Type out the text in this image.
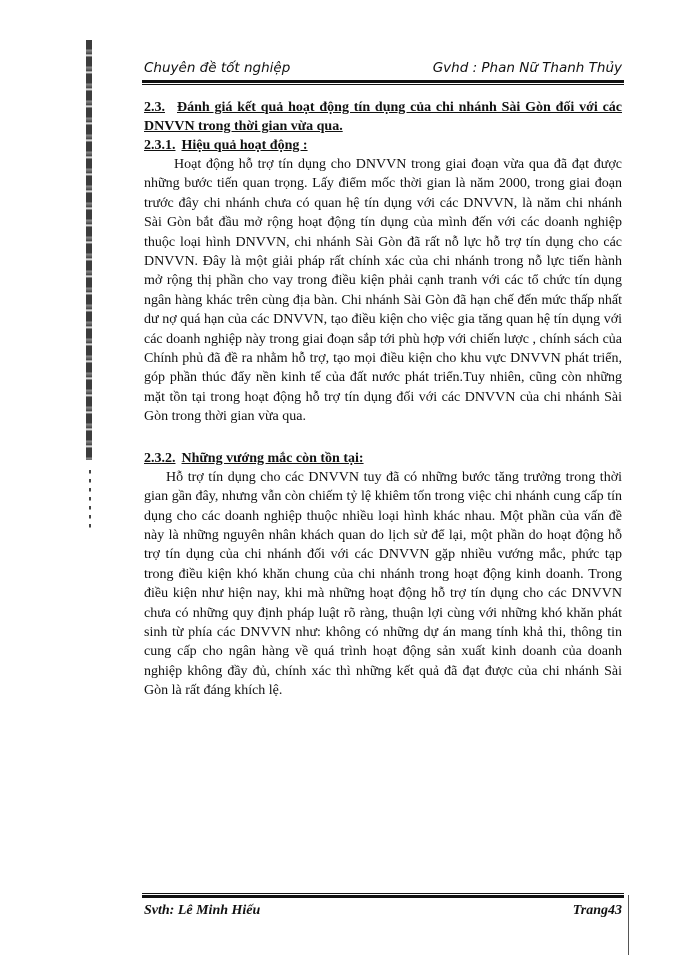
Chuyên đề tốt nghiệp	Gvhd : Phan Nữ Thanh Thủy

2.3. Đánh giá kết quả hoạt động tín dụng của chi nhánh Sài Gòn đối với các DNVVN trong thời gian vừa qua.

2.3.1. Hiệu quả hoạt động :

Hoạt động hỗ trợ tín dụng cho DNVVN trong giai đoạn vừa qua đã đạt được những bước tiến quan trọng. Lấy điểm mốc thời gian là năm 2000, trong giai đoạn trước đây chi nhánh chưa có quan hệ tín dụng với các DNVVN, là năm chi nhánh Sài Gòn bắt đầu mở rộng hoạt động tín dụng của mình đến với các doanh nghiệp thuộc loại hình DNVVN, chi nhánh Sài Gòn đã rất nỗ lực hỗ trợ tín dụng cho các DNVVN. Đây là một giải pháp rất chính xác của chi nhánh trong nỗ lực tiến hành mở rộng thị phần cho vay trong điều kiện phải cạnh tranh với các tổ chức tín dụng ngân hàng khác trên cùng địa bàn. Chi nhánh Sài Gòn đã hạn chế đến mức thấp nhất dư nợ quá hạn của các DNVVN, tạo điều kiện cho việc gia tăng quan hệ tín dụng với các doanh nghiệp này trong giai đoạn sắp tới phù hợp với chiến lược , chính sách của Chính phủ đã đề ra nhằm hỗ trợ, tạo mọi điều kiện cho khu vực DNVVN phát triển, góp phần thúc đẩy nền kinh tế của đất nước phát triển.Tuy nhiên, cũng còn những mặt tồn tại trong hoạt động hỗ trợ tín dụng đối với các DNVVN của chi nhánh Sài Gòn trong thời gian vừa qua.

2.3.2. Những vướng mắc còn tồn tại:

Hỗ trợ tín dụng cho các DNVVN tuy đã có những bước tăng trưởng trong thời gian gần đây, nhưng vẫn còn chiếm tỷ lệ khiêm tốn trong việc chi nhánh cung cấp tín dụng cho các doanh nghiệp thuộc nhiều loại hình khác nhau. Một phần của vấn đề này là những nguyên nhân khách quan do lịch sử để lại, một phần do hoạt động hỗ trợ tín dụng của chi nhánh đối với các DNVVN gặp nhiều vướng mắc, phức tạp trong điều kiện khó khăn chung của chi nhánh trong hoạt động kinh doanh. Trong điều kiện như hiện nay, khi mà những hoạt động hỗ trợ tín dụng cho các DNVVN chưa có những quy định pháp luật rõ ràng, thuận lợi cùng với những khó khăn phát sinh từ phía các DNVVN như: không có những dự án mang tính khả thi, thông tin cung cấp cho ngân hàng về quá trình hoạt động sản xuất kinh doanh của doanh nghiệp không đầy đủ, chính xác thì những kết quả đã đạt được của chi nhánh Sài Gòn là rất đáng khích lệ.

Svth: Lê Minh Hiếu	Trang43
